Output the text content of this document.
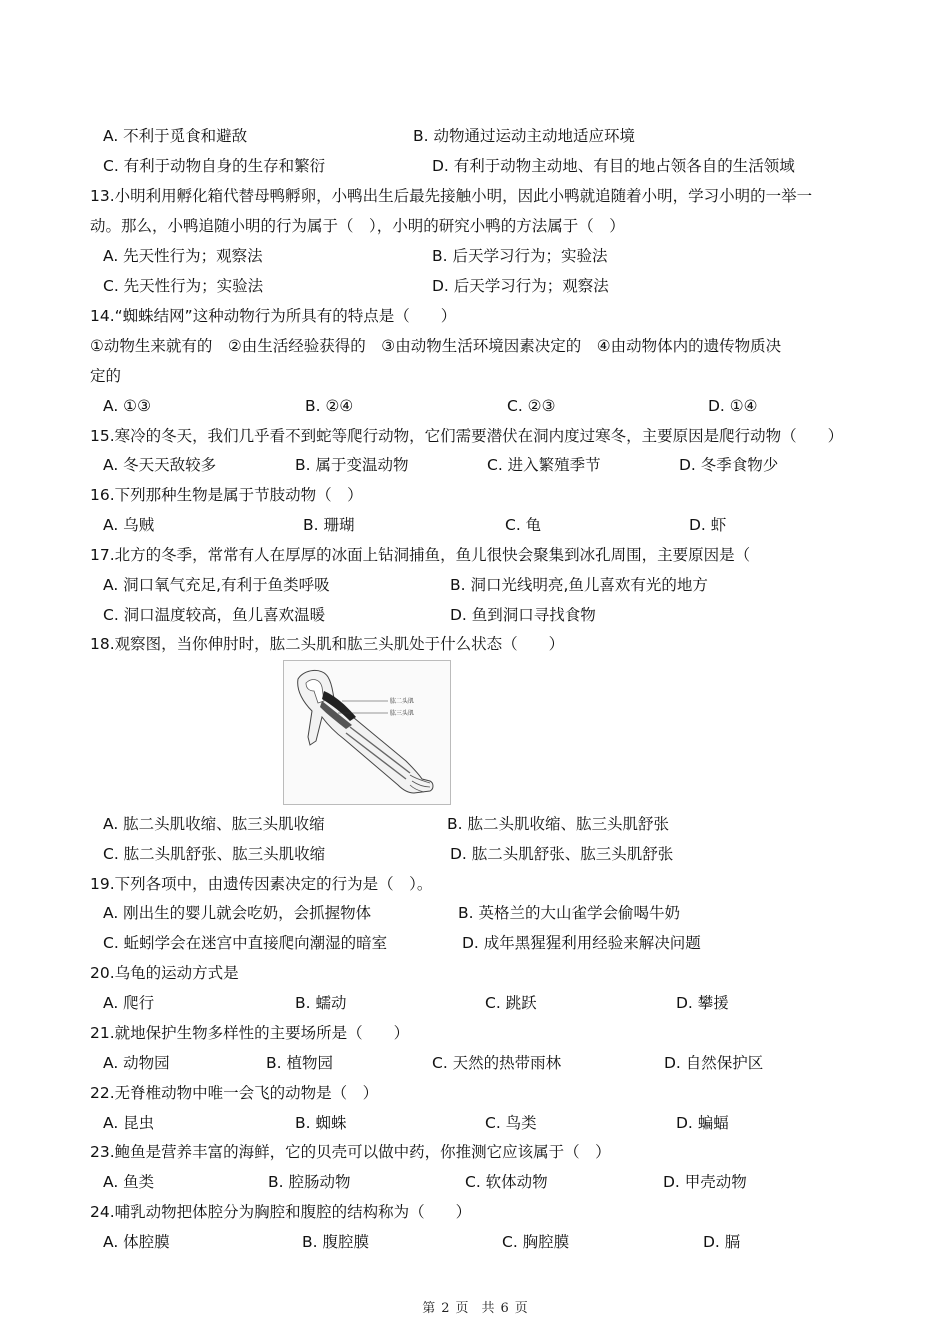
A. 不利于觅食和避敌	B. 动物通过运动主动地适应环境
C. 有利于动物自身的生存和繁衍	D. 有利于动物主动地、有目的地占领各自的生活领域
13.小明利用孵化箱代替母鸭孵卵，小鸭出生后最先接触小明，因此小鸭就追随着小明，学习小明的一举一
动。那么，小鸭追随小明的行为属于（　），小明的研究小鸭的方法属于（　）
A. 先天性行为；观察法	B. 后天学习行为；实验法
C. 先天性行为；实验法	D. 后天学习行为；观察法
14.“蜘蛛结网”这种动物行为所具有的特点是（　　）
①动物生来就有的　②由生活经验获得的　③由动物生活环境因素决定的　④由动物体内的遗传物质决
定的
A. ①③	B. ②④	C. ②③	D. ①④
15.寒冷的冬天，我们几乎看不到蛇等爬行动物，它们需要潜伏在洞内度过寒冬，主要原因是爬行动物（　　）
A. 冬天天敌较多	B. 属于变温动物	C. 进入繁殖季节	D. 冬季食物少
16.下列那种生物是属于节肢动物（　）
A. 乌贼	B. 珊瑚	C. 龟	D. 虾
17.北方的冬季，常常有人在厚厚的冰面上钻洞捕鱼，鱼儿很快会聚集到冰孔周围，主要原因是（
A. 洞口氧气充足,有利于鱼类呼吸	B. 洞口光线明亮,鱼儿喜欢有光的地方
C. 洞口温度较高，鱼儿喜欢温暖	D. 鱼到洞口寻找食物
18.观察图，当你伸肘时，肱二头肌和肱三头肌处于什么状态（　　）
肱二头肌
肱三头肌
A. 肱二头肌收缩、肱三头肌收缩	B. 肱二头肌收缩、肱三头肌舒张
C. 肱二头肌舒张、肱三头肌收缩	D. 肱二头肌舒张、肱三头肌舒张
19.下列各项中，由遗传因素决定的行为是（　）。
A. 刚出生的婴儿就会吃奶，会抓握物体	B. 英格兰的大山雀学会偷喝牛奶
C. 蚯蚓学会在迷宫中直接爬向潮湿的暗室	D. 成年黑猩猩利用经验来解决问题
20.乌龟的运动方式是
A. 爬行	B. 蠕动	C. 跳跃	D. 攀援
21.就地保护生物多样性的主要场所是（　　）
A. 动物园	B. 植物园	C. 天然的热带雨林	D. 自然保护区
22.无脊椎动物中唯一会飞的动物是（　）
A. 昆虫	B. 蜘蛛	C. 鸟类	D. 蝙蝠
23.鲍鱼是营养丰富的海鲜，它的贝壳可以做中药，你推测它应该属于（　）
A. 鱼类	B. 腔肠动物	C. 软体动物	D. 甲壳动物
24.哺乳动物把体腔分为胸腔和腹腔的结构称为（　　）
A. 体腔膜	B. 腹腔膜	C. 胸腔膜	D. 膈
第 2 页　共 6 页
